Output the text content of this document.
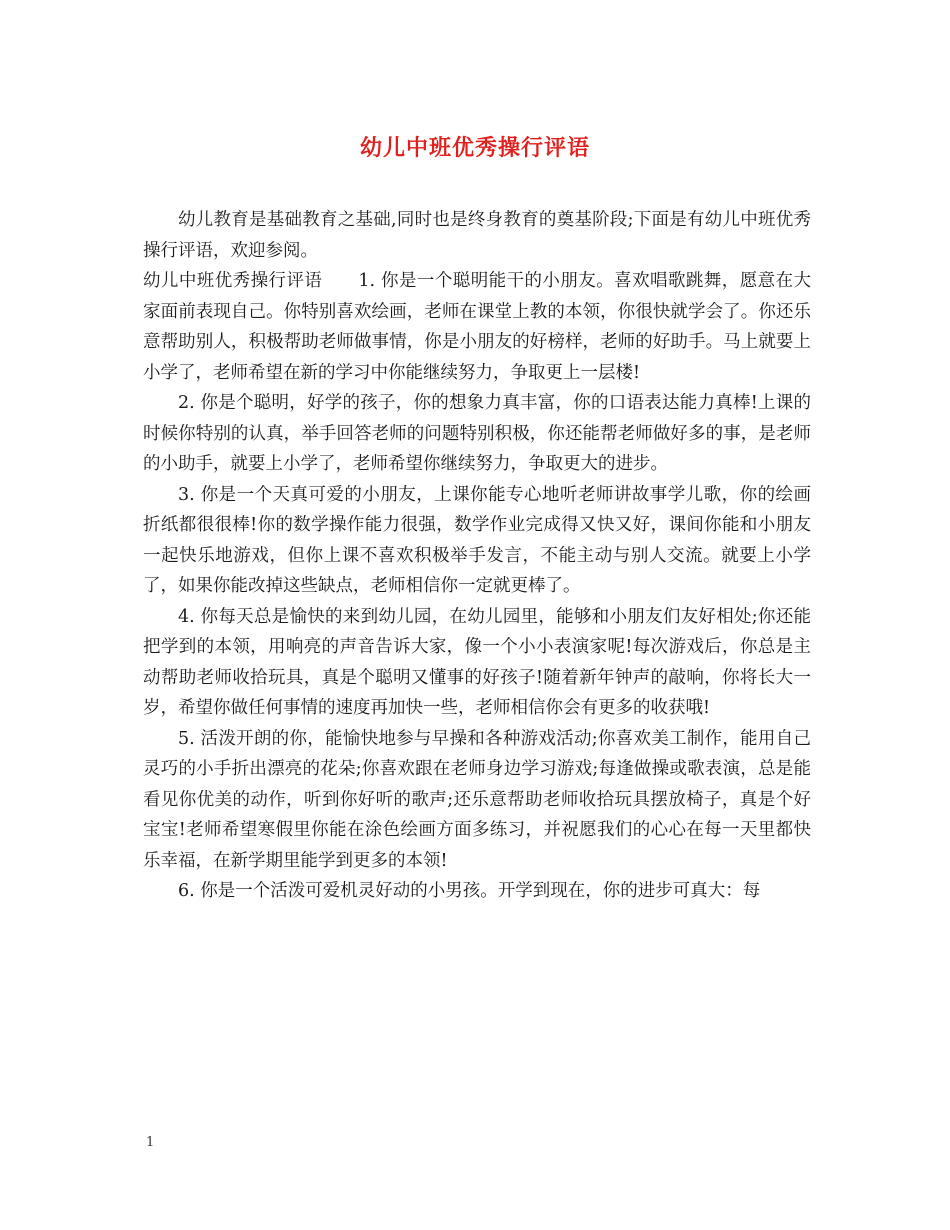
幼儿中班优秀操行评语

幼儿教育是基础教育之基础,同时也是终身教育的奠基阶段;下面是有幼儿中班优秀操行评语，欢迎参阅。

幼儿中班优秀操行评语 1. 你是一个聪明能干的小朋友。喜欢唱歌跳舞，愿意在大家面前表现自己。你特别喜欢绘画，老师在课堂上教的本领，你很快就学会了。你还乐意帮助别人，积极帮助老师做事情，你是小朋友的好榜样，老师的好助手。马上就要上小学了，老师希望在新的学习中你能继续努力，争取更上一层楼!

2. 你是个聪明，好学的孩子，你的想象力真丰富，你的口语表达能力真棒!上课的时候你特别的认真，举手回答老师的问题特别积极，你还能帮老师做好多的事，是老师的小助手，就要上小学了，老师希望你继续努力，争取更大的进步。

3. 你是一个天真可爱的小朋友，上课你能专心地听老师讲故事学儿歌，你的绘画折纸都很很棒!你的数学操作能力很强，数学作业完成得又快又好，课间你能和小朋友一起快乐地游戏，但你上课不喜欢积极举手发言，不能主动与别人交流。就要上小学了，如果你能改掉这些缺点，老师相信你一定就更棒了。

4. 你每天总是愉快的来到幼儿园，在幼儿园里，能够和小朋友们友好相处;你还能把学到的本领，用响亮的声音告诉大家，像一个小小表演家呢!每次游戏后，你总是主动帮助老师收拾玩具，真是个聪明又懂事的好孩子!随着新年钟声的敲响，你将长大一岁，希望你做任何事情的速度再加快一些，老师相信你会有更多的收获哦!

5. 活泼开朗的你，能愉快地参与早操和各种游戏活动;你喜欢美工制作，能用自己灵巧的小手折出漂亮的花朵;你喜欢跟在老师身边学习游戏;每逢做操或歌表演，总是能看见你优美的动作，听到你好听的歌声;还乐意帮助老师收拾玩具摆放椅子，真是个好宝宝!老师希望寒假里你能在涂色绘画方面多练习，并祝愿我们的心心在每一天里都快乐幸福，在新学期里能学到更多的本领!

6. 你是一个活泼可爱机灵好动的小男孩。开学到现在，你的进步可真大：每

1
